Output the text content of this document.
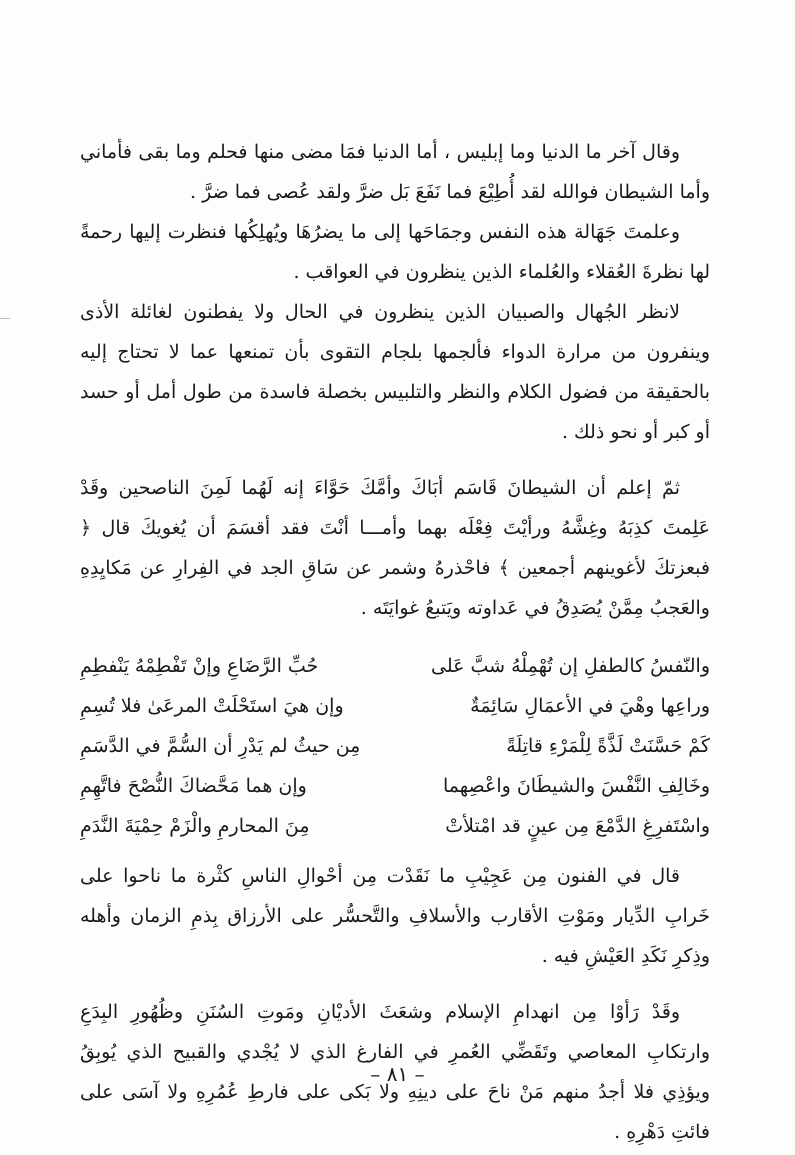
وقال آخر ما الدنيا وما إبليس ، أما الدنيا فمَا مضى منها فحلم وما بقى فأماني وأما الشيطان فوالله لقد أُطِيْعَ فما نَفَعَ بَل ضرَّ ولقد عُصى فما ضرَّ .

وعلمتَ جَهَالة هذه النفس وجمَاحَها إلى ما يضرُهَا ويُهلِكُها فنظرت إليها رحمةً لها نظرةَ العُقلاء والعُلماء الذين ينظرون في العواقب .

لانظر الجُهال والصبيان الذين ينظرون في الحال ولا يفطنون لغائلة الأذى وينفرون من مرارة الدواء فألجمها بلجام التقوى بأن تمنعها عما لا تحتاج إليه بالحقيقة من فضول الكلام والنظر والتلبيس بخصلة فاسدة من طول أمل أو حسد أو كبر أو نحو ذلك .

ثمّ إعلم أن الشيطانَ قَاسَم أبَاكَ وأمَّكَ حَوَّاءَ إنه لَهُما لَمِنَ الناصحين وقَدْ عَلِمتَ كذِبَهُ وغِشَّهُ ورأيْتَ فِعْلَه بهما وأمـــا أنْتَ فقد أقسَمَ أن يُغويكَ قال ﴿ فبعزتكَ لأغوينهم أجمعين ﴾ فاحْذرهُ وشمر عن سَاقِ الجد في الفِرارِ عن مَكايِدِهِ والعَجبُ مِمَّنْ يُصَدِقُ في عَداوته ويَتبعُ غوايَتَه .

والنّفسُ كالطفلِ إن تُهْمِلْهُ شبَّ عَلى
حُبِّ الرَّضَاعِ وإنْ تَفْطِمْهُ يَنْفطِمِ
وراعِها وهْيَ في الأعمَالِ سَائِمَةٌ
وإن هيَ استَحْلَتْ المرعَىٰ فلا تُسِمِ
كَمْ حَسَّنَتْ لَذَّةً لِلْمَرْءِ قاتِلَةً
مِن حيثُ لم يَدْرِ أن السُّمَّ في الدَّسَمِ
وخَالِفِ النَّفْسَ والشيطَانَ واعْصِهما
وإن هما مَحَّضاكَ النُّصْحَ فاتَّهِمِ
واسْتَفرِغِ الدَّمْعَ مِن عينٍ قد امْتلأتْ
مِنَ المحارمِ والْزَمْ حِمْيَةَ النَّدَمِ

قال في الفنون مِن عَجِيْبِ ما نَقَدْت مِن أحْوالِ الناسِ كثْرة ما ناحوا على خَرابِ الدِّيار ومَوْتِ الأقارب والأسلافِ والتَّحسُّر على الأرزاق بِذمِ الزمان وأهله وذِكرِ نَكَدِ العَيْشِ فيه .

وقَدْ رَأوْا مِن انهدامِ الإسلام وشعَثَ الأديْانِ ومَوتِ السُنَنِ وظُهُورِ البِدَعِ وارتكابِ المعاصي وتَقَضِّي العُمرِ في الفارغ الذي لا يُجْدي والقبيح الذي يُوبِقُ ويؤذِي فلا أجدُ منهم مَنْ ناحَ على دينِهِ ولا بَكى على فارطِ عُمُرِهِ ولا آسَى على فائتِ دَهْرِهِ .

– ٨١ –
